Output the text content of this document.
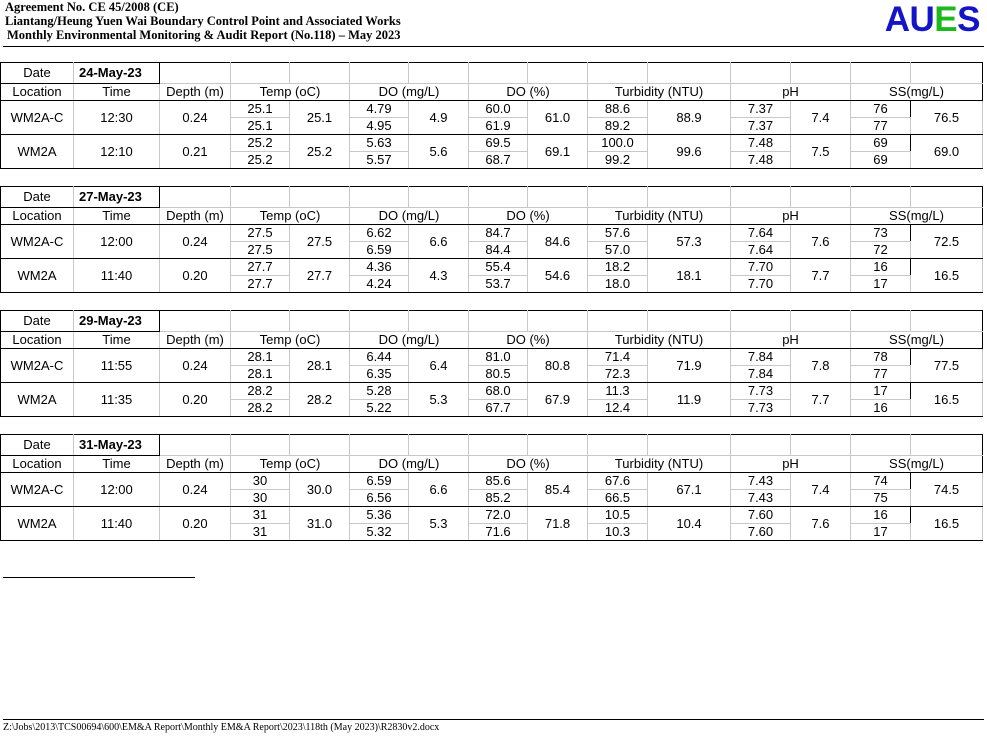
Agreement No. CE 45/2008 (CE)
Liantang/Heung Yuen Wai Boundary Control Point and Associated Works
Monthly Environmental Monitoring & Audit Report (No.118) – May 2023	AUES
Date	24-May-23													
Location	Time	Depth (m)	Temp (oC)		DO (mg/L)		DO (%)		Turbidity (NTU)		pH		SS(mg/L)	
WM2A-C	12:30	0.24	25.1	25.1	4.79	4.9	60.0	61.0	88.6	88.9	7.37	7.4	76	76.5
			25.1		4.95		61.9		89.2		7.37		77	
WM2A	12:10	0.21	25.2	25.2	5.63	5.6	69.5	69.1	100.0	99.6	7.48	7.5	69	69.0
			25.2		5.57		68.7		99.2		7.48		69	
Date	27-May-23													
Location	Time	Depth (m)	Temp (oC)		DO (mg/L)		DO (%)		Turbidity (NTU)		pH		SS(mg/L)	
WM2A-C	12:00	0.24	27.5	27.5	6.62	6.6	84.7	84.6	57.6	57.3	7.64	7.6	73	72.5
			27.5		6.59		84.4		57.0		7.64		72	
WM2A	11:40	0.20	27.7	27.7	4.36	4.3	55.4	54.6	18.2	18.1	7.70	7.7	16	16.5
			27.7		4.24		53.7		18.0		7.70		17	
Date	29-May-23													
Location	Time	Depth (m)	Temp (oC)		DO (mg/L)		DO (%)		Turbidity (NTU)		pH		SS(mg/L)	
WM2A-C	11:55	0.24	28.1	28.1	6.44	6.4	81.0	80.8	71.4	71.9	7.84	7.8	78	77.5
			28.1		6.35		80.5		72.3		7.84		77	
WM2A	11:35	0.20	28.2	28.2	5.28	5.3	68.0	67.9	11.3	11.9	7.73	7.7	17	16.5
			28.2		5.22		67.7		12.4		7.73		16	
Date	31-May-23													
Location	Time	Depth (m)	Temp (oC)		DO (mg/L)		DO (%)		Turbidity (NTU)		pH		SS(mg/L)	
WM2A-C	12:00	0.24	30	30.0	6.59	6.6	85.6	85.4	67.6	67.1	7.43	7.4	74	74.5
			30		6.56		85.2		66.5		7.43		75	
WM2A	11:40	0.20	31	31.0	5.36	5.3	72.0	71.8	10.5	10.4	7.60	7.6	16	16.5
			31		5.32		71.6		10.3		7.60		17	
Z:\Jobs\2013\TCS00694\600\EM&A Report\Monthly EM&A Report\2023\118th (May 2023)\R2830v2.docx
